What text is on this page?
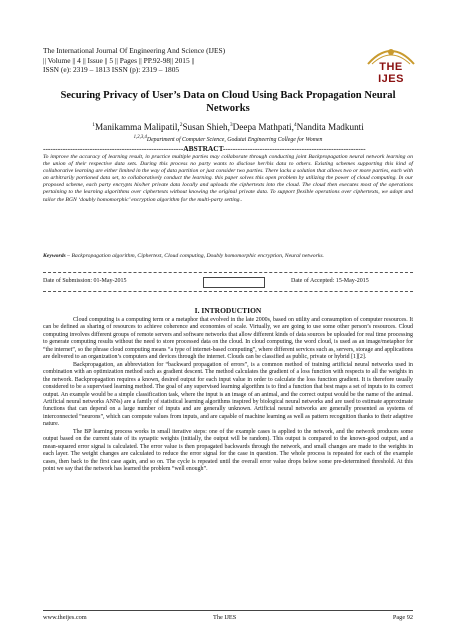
The International Journal Of Engineering And Science (IJES)
|| Volume || 4 || Issue || 5 || Pages || PP.92-98|| 2015 ||
ISSN (e): 2319 – 1813 ISSN (p): 2319 – 1805	THE IJES
Securing Privacy of User’s Data on Cloud Using Back Propagation Neural Networks
$^1$Manikamma Malipatil,$^2$Susan Shieh,$^3$Deepa Mathpati,$^4$Nandita Madkunti
$^{1,2,3,4}$Department of Computer Science, Godutai Engineering College for Women
---------------------------------------------------------ABSTRACT----------------------------------------------------------
To improve the accuracy of learning result, in practice multiple parties may collaborate through conducting joint Backpropagation neural network learning on the union of their respective data sets. During this process no party wants to disclose her/his data to others. Existing schemes supporting this kind of collaborative learning are either limited in the way of data partition or just consider two parties. There lacks a solution that allows two or more parties, each with an arbitrarily portioned data set, to collaboratively conduct the learning. this paper solves this open problem by utilizing the power of cloud computing. In our proposed scheme, each party encrypts his/her private data locally and uploads the ciphertexts into the cloud. The cloud then executes most of the operations pertaining to the learning algorithms over ciphertexts without knowing the original private data. To support flexible operations over ciphertexts, we adopt and tailor the BGN ‘doubly homomorphic’ encryption algorithm for the multi-party setting..
Keywords – Backpropagation algorithm, Ciphertext, Cloud computing, Doubly homomorphic encryption, Neural networks.
Date of Submission: 01-May-2015	Date of Accepted: 15-May-2015
I. INTRODUCTION

Cloud computing is a computing term or a metaphor that evolved in the late 2000s, based on utility and consumption of computer resources. It can be defined as sharing of resources to achieve coherence and economies of scale. Virtually, we are going to use some other person’s resources. Cloud computing involves different groups of remote servers and software networks that allow different kinds of data sources be uploaded for real time processing to generate computing results without the need to store processed data on the cloud. In cloud computing, the word cloud, is used as an image/metaphor for “the internet”, so the phrase cloud computing means “a type of internet-based computing”, where different services such as, servers, storage and applications are delivered to an organization’s computers and devices through the internet. Clouds can be classified as public, private or hybrid [1][2].

Backpropagation, an abbreviation for “backward propagation of errors”, is a common method of training artificial neural networks used in combination with an optimization method such as gradient descent. The method calculates the gradient of a loss function with respects to all the weights in the network. Backpropagation requires a known, desired output for each input value in order to calculate the loss function gradient. It is therefore usually considered to be a supervised learning method. The goal of any supervised learning algorithm is to find a function that best maps a set of inputs to its correct output. An example would be a simple classification task, where the input is an image of an animal, and the correct output would be the name of the animal. Artificial neural networks ANNs) are a family of statistical learning algorithms inspired by biological neural networks and are used to estimate approximate functions that can depend on a large number of inputs and are generally unknown. Artificial neural networks are generally presented as systems of interconnected “neurons”, which can compute values from inputs, and are capable of machine learning as well as pattern recognition thanks to their adaptive nature.

The BP learning process works in small iterative steps: one of the example cases is applied to the network, and the network produces some output based on the current state of its synaptic weights (initially, the output will be random). This output is compared to the known-good output, and a mean-squared error signal is calculated. The error value is then propagated backwards through the network, and small changes are made to the weights in each layer. The weight changes are calculated to reduce the error signal for the case in question. The whole process is repeated for each of the example cases, then back to the first case again, and so on. The cycle is repeated until the overall error value drops below some pre-determined threshold. At this point we say that the network has learned the problem “well enough”.

www.theijes.com	The IJES	Page 92
